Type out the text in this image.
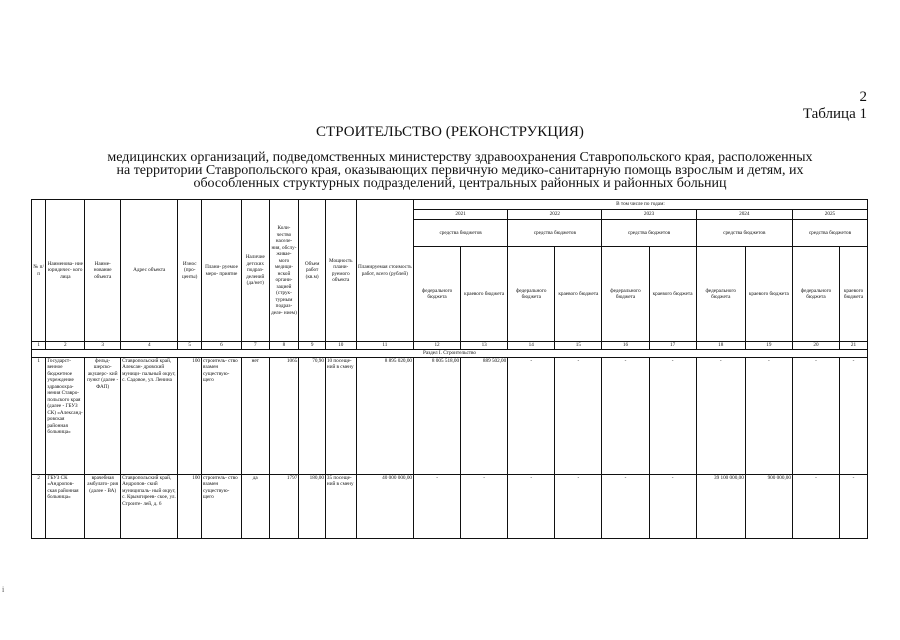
2
Таблица 1
СТРОИТЕЛЬСТВО (РЕКОНСТРУКЦИЯ)
медицинских организаций, подведомственных министерству здравоохранения Ставропольского края, расположенных
на территории Ставропольского края, оказывающих первичную медико-санитарную помощь взрослым и детям, их
обособленных структурных подразделений, центральных районных и районных больниц
i
№ п/п	Наименова- ние юридичес- кого лица	Наиме- нование объекта	Адрес объекта	Износ (про- центы)	Плани- руемое меро- приятие	Наличие детских подраз- делений (да/нет)	Коли- чество населе- ния, обслу- живае- мого медици- нской органи- зацией (струк- турным подраз- деле- нием)	Объем работ (кв.м)	Мощность плани- руемого объекта	Планируемая стоимость работ, всего (рублей)	В том числе по годам:									
											2021		2022		2023		2024		2025	
											средства бюджетов		средства бюджетов		средства бюджетов		средства бюджетов		средства бюджетов	
											федерального бюджета	краевого бюджета	федерального бюджета	краевого бюджета	федерального бюджета	краевого бюджета	федерального бюджета	краевого бюджета	федерального бюджета	краевого бюджета
1	2	3	4	5	6	7	8	9	10	11	12	13	14	15	16	17	18	19	20	21
Раздел I. Строительство																				
1	Государст- венное бюджетное учреждение здравоохра- нения Ставро- польского края (далее - ГБУЗ СК) «Александ- ровская районная больница»	фельд- шерско- акушерс- кий пункт (далее - ФАП)	Ставропольский край, Алексан- дровский муници- пальный округ, с. Садовое, ул. Ленина	100	строитель- ство взамен существую- щего	нет	1065	70,90	10 посеще- ний в смену	8 895 020,00	8 005 518,00	889 502,00	-	-	-	-	-	-	-	-
2	ГБУЗ СК «Андропов- ская районная больница»	врачебная амбулато- рия (далее - ВА)	Ставропольский край, Андропов- ский муниципаль- ный округ, с. Крымгиреев- ское, ул. Строите- лей, д. 6	100	строитель- ство взамен существую- щего	да	1797	180,00	35 посеще- ний в смену	40 000 000,00	-	-	-	-	-	-	39 100 000,00	900 000,00	-	-
